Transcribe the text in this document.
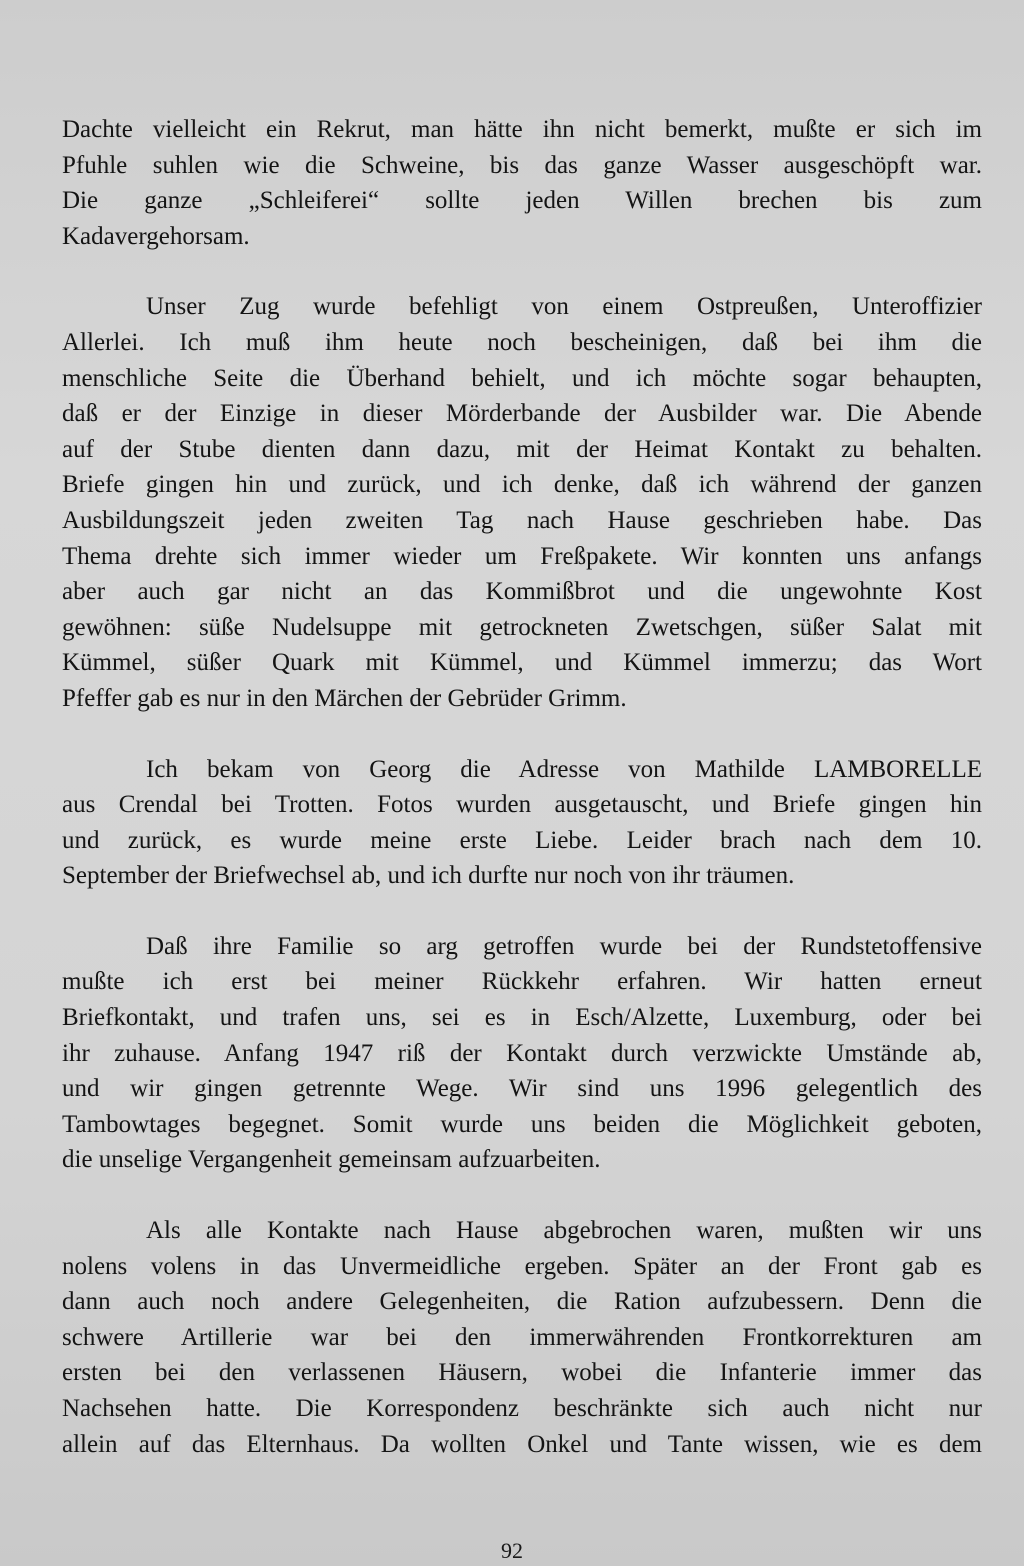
Dachte vielleicht ein Rekrut, man hätte ihn nicht bemerkt, mußte er sich im
Pfuhle suhlen wie die Schweine, bis das ganze Wasser ausgeschöpft war.
Die ganze „Schleiferei“ sollte jeden Willen brechen bis zum
Kadavergehorsam.
Unser Zug wurde befehligt von einem Ostpreußen, Unteroffizier
Allerlei. Ich muß ihm heute noch bescheinigen, daß bei ihm die
menschliche Seite die Überhand behielt, und ich möchte sogar behaupten,
daß er der Einzige in dieser Mörderbande der Ausbilder war. Die Abende
auf der Stube dienten dann dazu, mit der Heimat Kontakt zu behalten.
Briefe gingen hin und zurück, und ich denke, daß ich während der ganzen
Ausbildungszeit jeden zweiten Tag nach Hause geschrieben habe. Das
Thema drehte sich immer wieder um Freßpakete. Wir konnten uns anfangs
aber auch gar nicht an das Kommißbrot und die ungewohnte Kost
gewöhnen: süße Nudelsuppe mit getrockneten Zwetschgen, süßer Salat mit
Kümmel, süßer Quark mit Kümmel, und Kümmel immerzu; das Wort
Pfeffer gab es nur in den Märchen der Gebrüder Grimm.
Ich bekam von Georg die Adresse von Mathilde LAMBORELLE
aus Crendal bei Trotten. Fotos wurden ausgetauscht, und Briefe gingen hin
und zurück, es wurde meine erste Liebe. Leider brach nach dem 10.
September der Briefwechsel ab, und ich durfte nur noch von ihr träumen.
Daß ihre Familie so arg getroffen wurde bei der Rundstetoffensive
mußte ich erst bei meiner Rückkehr erfahren. Wir hatten erneut
Briefkontakt, und trafen uns, sei es in Esch/Alzette, Luxemburg, oder bei
ihr zuhause. Anfang 1947 riß der Kontakt durch verzwickte Umstände ab,
und wir gingen getrennte Wege. Wir sind uns 1996 gelegentlich des
Tambowtages begegnet. Somit wurde uns beiden die Möglichkeit geboten,
die unselige Vergangenheit gemeinsam aufzuarbeiten.
Als alle Kontakte nach Hause abgebrochen waren, mußten wir uns
nolens volens in das Unvermeidliche ergeben. Später an der Front gab es
dann auch noch andere Gelegenheiten, die Ration aufzubessern. Denn die
schwere Artillerie war bei den immerwährenden Frontkorrekturen am
ersten bei den verlassenen Häusern, wobei die Infanterie immer das
Nachsehen hatte. Die Korrespondenz beschränkte sich auch nicht nur
allein auf das Elternhaus. Da wollten Onkel und Tante wissen, wie es dem
92
